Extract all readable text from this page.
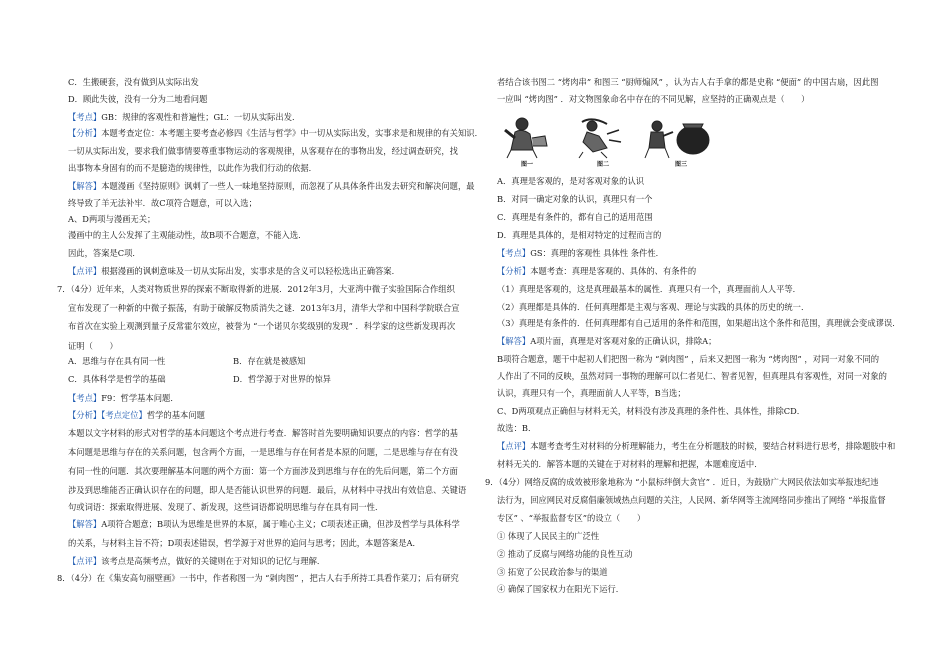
C．生搬硬套，没有做到从实际出发
D．顾此失彼，没有一分为二地看问题
【考点】GB：规律的客观性和普遍性；GL：一切从实际出发．
【分析】本题考查定位：本考题主要考查必修四《生活与哲学》中一切从实际出发，实事求是和规律的有关知识．
一切从实际出发，要求我们做事情要尊重事物运动的客观规律，从客观存在的事物出发，经过调查研究，找
出事物本身固有的而不是臆造的规律性，以此作为我们行动的依据．
【解答】本题漫画《坚持原则》讽刺了一些人一味地坚持原则，而忽视了从具体条件出发去研究和解决问题，最
终导致了羊无法补牢．故C项符合题意，可以入选；
A、D两项与漫画无关；
漫画中的主人公发挥了主观能动性，故B项不合题意，不能入选．
因此，答案是C项．
【点评】根据漫画的讽刺意味及一切从实际出发，实事求是的含义可以轻松选出正确答案．
7．（4分）近年来，人类对物质世界的探索不断取得新的进展．2012年3月，大亚湾中微子实验国际合作组织
宣布发现了一种新的中微子振荡，有助于破解反物质消失之谜．2013年3月，清华大学和中国科学院联合宣
布首次在实验上观测到量子反常霍尔效应，被誉为 “一个诺贝尔奖级别的发现” ．科学家的这些新发现再次
证明（　　）
A．思维与存在具有同一性
C．具体科学是哲学的基础
【考点】F9：哲学基本问题．
【分析】【考点定位】哲学的基本问题
本题以文字材料的形式对哲学的基本问题这个考点进行考查．解答时首先要明确知识要点的内容：哲学的基
本问题是思维与存在的关系问题，包含两个方面，一是思维与存在何者是本原的问题，二是思维与存在有没
有同一性的问题．其次要理解基本问题的两个方面：第一个方面涉及到思维与存在的先后问题，第二个方面
涉及到思维能否正确认识存在的问题，即人是否能认识世界的问题．最后，从材料中寻找出有效信息、关键语
句或词语：探索取得进展、发现了、新发现，这些词语都说明思维与存在具有同一性．
【解答】A项符合题意；B项认为思维是世界的本原，属于唯心主义；C项表述正确，但涉及哲学与具体科学
的关系，与材料主旨不符；D项表述错误，哲学源于对世界的追问与思考；因此，本题答案是A．
【点评】该考点是高频考点，做好的关键则在于对知识的记忆与理解．
8．（4分）在《集安高句丽壁画》一书中，作者称图一为 “剁肉图” ，把古人右手所持工具看作菜刀；后有研究
者结合该书图二 “烤肉串” 和图三 “厨师煽风” ，认为古人右手拿的都是史称 “便面” 的中国古扇，因此图
一应叫 “烤肉图” ．对文物图象命名中存在的不同见解，应坚持的正确观点是（　　）
A．真理是客观的，是对客观对象的认识
B．对同一确定对象的认识，真理只有一个
C．真理是有条件的，都有自己的适用范围
D．真理是具体的，是相对特定的过程而言的
【考点】GS：真理的客观性 具体性 条件性．
【分析】本题考查：真理是客观的、具体的、有条件的
（1）真理是客观的，这是真理最基本的属性．真理只有一个，真理面前人人平等．
（2）真理都是具体的．任何真理都是主观与客观、理论与实践的具体的历史的统一．
（3）真理是有条件的．任何真理都有自己适用的条件和范围，如果超出这个条件和范围，真理就会变成谬误．
【解答】A项片面，真理是对客观对象的正确认识，排除A；
B项符合题意，题干中起初人们把图一称为 “剁肉图” ，后来又把图一称为 “烤肉图” ，对同一对象不同的
人作出了不同的反映，虽然对同一事物的理解可以仁者见仁、智者见智，但真理具有客观性，对同一对象的
认识，真理只有一个，真理面前人人平等，B当选；
C、D两项观点正确但与材料无关，材料没有涉及真理的条件性、具体性，排除CD．
故选：B．
【点评】本题考查考生对材料的分析理解能力，考生在分析题肢的时候，要结合材料进行思考，排除题肢中和
材料无关的．解答本题的关键在于对材料的理解和把握，本题难度适中．
9．（4分）网络反腐的成效被形象地称为 “小鼠标绊倒大贪官” ．近日，为鼓励广大网民依法如实举报违纪违
法行为，回应网民对反腐倡廉领域热点问题的关注，人民网、新华网等主流网络同步推出了网络 “举报监督
专区” 、“举报监督专区”的设立（　　）
① 体现了人民民主的广泛性
② 推动了反腐与网络功能的良性互动
③ 拓宽了公民政治参与的渠道
④ 确保了国家权力在阳光下运行．
B．存在就是被感知
D．哲学源于对世界的惊异
图一	图二	图三
